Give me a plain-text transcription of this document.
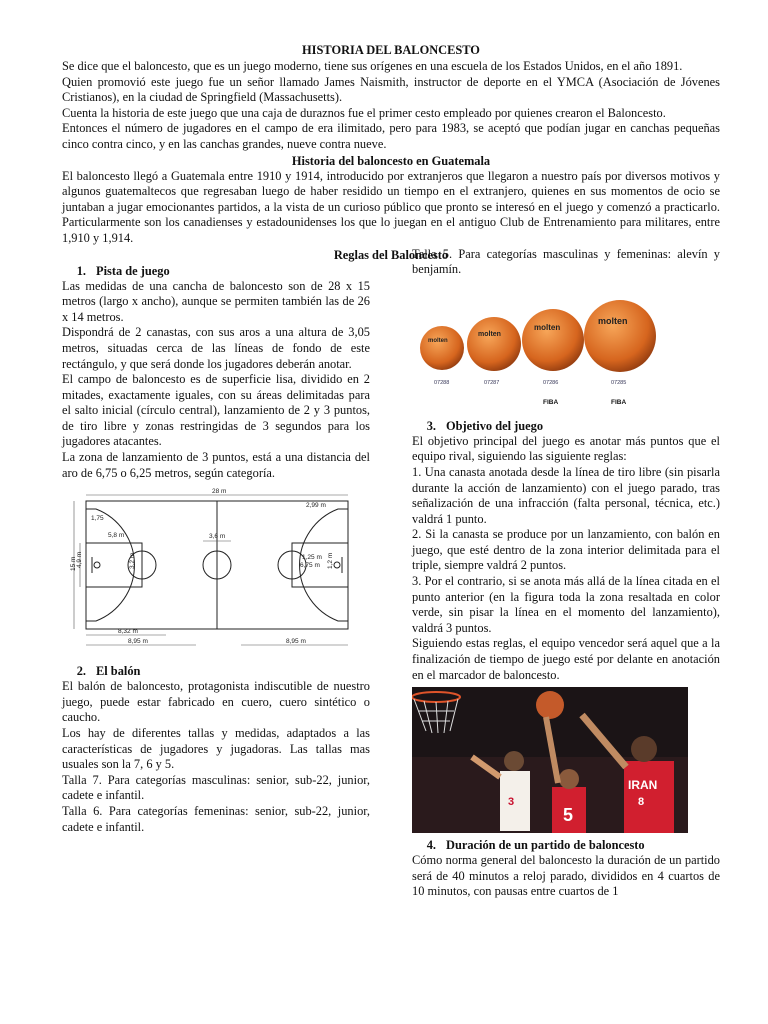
HISTORIA DEL BALONCESTO

Se dice que el baloncesto, que es un juego moderno, tiene sus orígenes en una escuela de los Estados Unidos, en el año 1891.

Quien promovió este juego fue un señor llamado James Naismith, instructor de deporte en el YMCA (Asociación de Jóvenes Cristianos), en la ciudad de Springfield (Massachusetts).

Cuenta la historia de este juego que una caja de duraznos fue el primer cesto empleado por quienes crearon el Baloncesto.

Entonces el número de jugadores en el campo de era ilimitado, pero para 1983, se aceptó que podían jugar en canchas pequeñas cinco contra cinco, y en las canchas grandes, nueve contra nueve.

Historia del baloncesto en Guatemala

El baloncesto llegó a Guatemala entre 1910 y 1914, introducido por extranjeros que llegaron a nuestro país por diversos motivos y algunos guatemaltecos que regresaban luego de haber residido un tiempo en el extranjero, quienes en sus momentos de ocio se juntaban a jugar emocionantes partidos, a la vista de un curioso público que pronto se interesó en el juego y comenzó a practicarlo. Particularmente son los canadienses y estadounidenses los que lo juegan en el antiguo Club de Entrenamiento para militares, entre 1,910 y 1,914.

Reglas del Baloncesto

1. Pista de juego

Las medidas de una cancha de baloncesto son de 28 x 15 metros (largo x ancho), aunque se permiten también las de 26 x 14 metros.

Dispondrá de 2 canastas, con sus aros a una altura de 3,05 metros, situadas cerca de las líneas de fondo de este rectángulo, y que será donde los jugadores deberán anotar.

El campo de baloncesto es de superficie lisa, dividido en 2 mitades, exactamente iguales, con su áreas delimitadas para el salto inicial (círculo central), lanzamiento de 2 y 3 puntos, de tiro libre y zonas restringidas de 3 segundos para los jugadores atacantes.

La zona de lanzamiento de 3 puntos, está a una distancia del aro de 6,75 o 6,25 metros, según categoría.

28 m
15 m 4,9 m
1,75
5,8 m
3,2 m
3,6 m
2,99 m
1,25 m
6,75 m 1,2 m
8,32 m
8,95 m	8,95 m

2. El balón

El balón de baloncesto, protagonista indiscutible de nuestro juego, puede estar fabricado en cuero, cuero sintético o caucho.

Los hay de diferentes tallas y medidas, adaptados a las características de jugadores y jugadoras. Las tallas mas usuales son la 7, 6 y 5.

Talla 7. Para categorías masculinas: senior, sub-22, junior, cadete e infantil.

Talla 6. Para categorías femeninas: senior, sub-22, junior, cadete e infantil.

Talla 5. Para categorías masculinas y femeninas: alevín y benjamín.

molten
molten
molten
molten
07288	07287	07286	07285
FIBA	FIBA

3. Objetivo del juego

El objetivo principal del juego es anotar más puntos que el equipo rival, siguiendo las siguiente reglas:

1. Una canasta anotada desde la línea de tiro libre (sin pisarla durante la acción de lanzamiento) con el juego parado, tras señalización de una infracción (falta personal, técnica, etc.) valdrá 1 punto.

2. Si la canasta se produce por un lanzamiento, con balón en juego, que esté dentro de la zona interior delimitada para el triple, siempre valdrá 2 puntos.

3. Por el contrario, si se anota más allá de la línea citada en el punto anterior (en la figura toda la zona resaltada en color verde, sin pisar la línea en el momento del lanzamiento), valdrá 3 puntos.

Siguiendo estas reglas, el equipo vencedor será aquel que a la finalización de tiempo de juego esté por delante en anotación en el marcador de baloncesto.

3
5
IRAN
8

4. Duración de un partido de baloncesto

Cómo norma general del baloncesto la duración de un partido será de 40 minutos a reloj parado, divididos en 4 cuartos de 10 minutos, con pausas entre cuartos de 1
